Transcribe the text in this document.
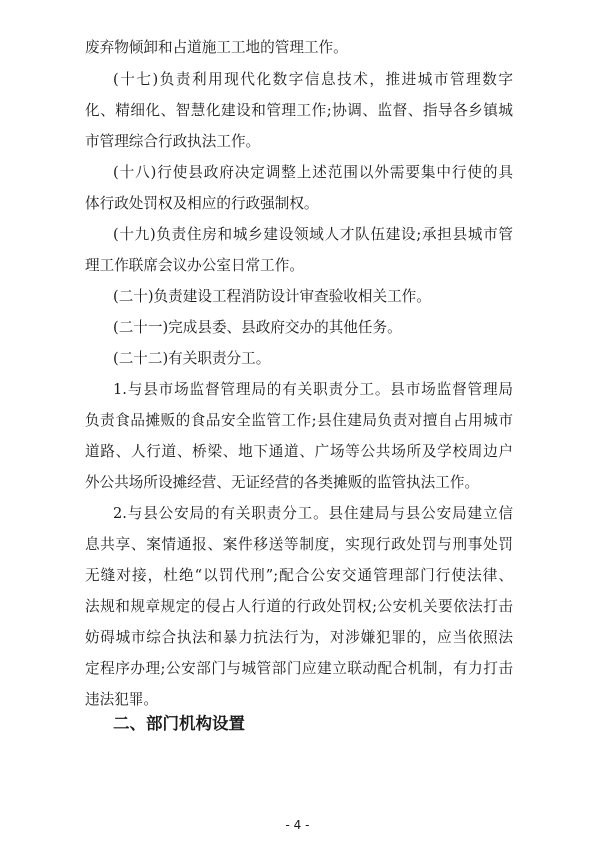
废弃物倾卸和占道施工工地的管理工作。
(十七)负责利用现代化数字信息技术，推进城市管理数字
化、精细化、智慧化建设和管理工作;协调、监督、指导各乡镇城
市管理综合行政执法工作。
(十八)行使县政府决定调整上述范围以外需要集中行使的具
体行政处罚权及相应的行政强制权。
(十九)负责住房和城乡建设领域人才队伍建设;承担县城市管
理工作联席会议办公室日常工作。
(二十)负责建设工程消防设计审查验收相关工作。
(二十一)完成县委、县政府交办的其他任务。
(二十二)有关职责分工。
1.与县市场监督管理局的有关职责分工。县市场监督管理局
负责食品摊贩的食品安全监管工作;县住建局负责对擅自占用城市
道路、人行道、桥梁、地下通道、广场等公共场所及学校周边户
外公共场所设摊经营、无证经营的各类摊贩的监管执法工作。
2.与县公安局的有关职责分工。县住建局与县公安局建立信
息共享、案情通报、案件移送等制度，实现行政处罚与刑事处罚
无缝对接，杜绝“以罚代刑”;配合公安交通管理部门行使法律、
法规和规章规定的侵占人行道的行政处罚权;公安机关要依法打击
妨碍城市综合执法和暴力抗法行为，对涉嫌犯罪的，应当依照法
定程序办理;公安部门与城管部门应建立联动配合机制，有力打击
违法犯罪。
二、部门机构设置
- 4 -
